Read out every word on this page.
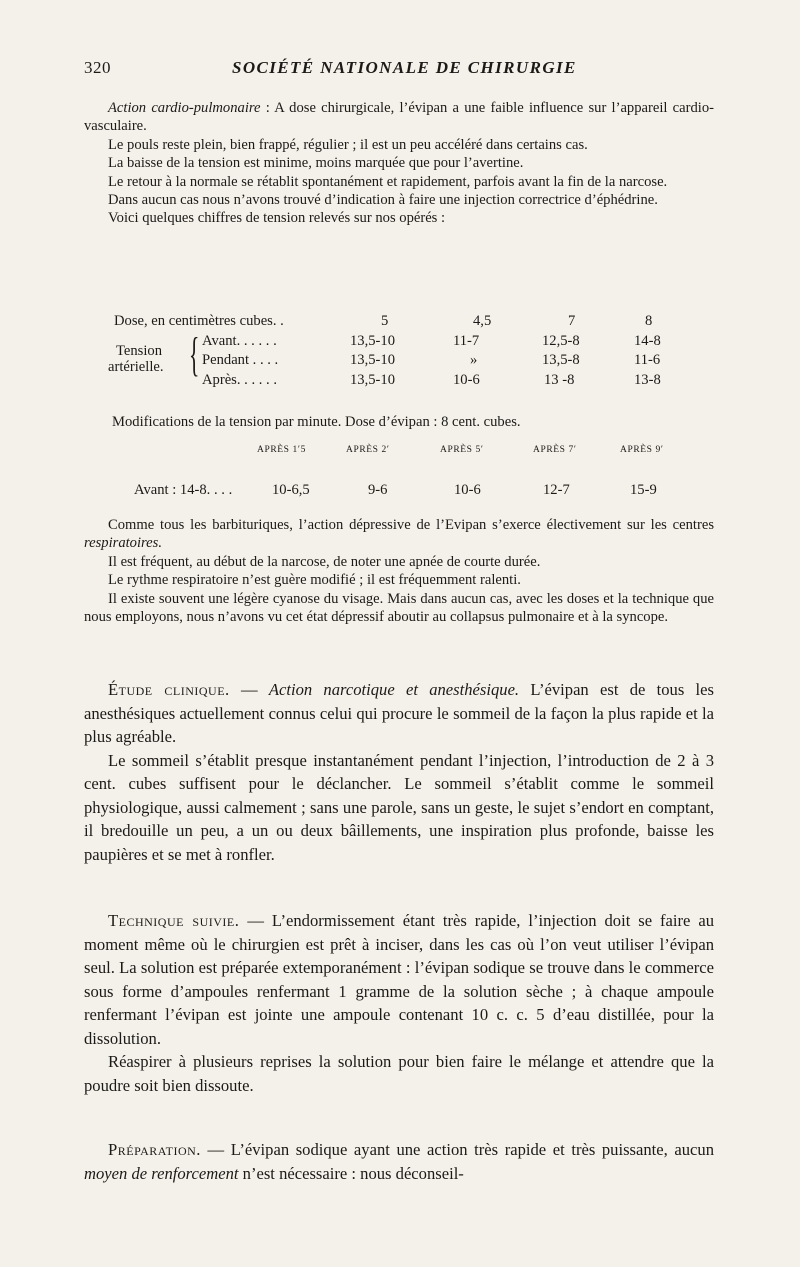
320	SOCIÉTÉ NATIONALE DE CHIRURGIE

Action cardio-pulmonaire : A dose chirurgicale, l’évipan a une faible influence sur l’appareil cardio-vasculaire.

Le pouls reste plein, bien frappé, régulier ; il est un peu accéléré dans certains cas.

La baisse de la tension est minime, moins marquée que pour l’avertine.

Le retour à la normale se rétablit spontanément et rapidement, parfois avant la fin de la narcose.

Dans aucun cas nous n’avons trouvé d’indication à faire une injection correctrice d’éphédrine.

Voici quelques chiffres de tension relevés sur nos opérés :

Dose, en centimètres cubes. .	5	4,5	7	8
Tension
artérielle. { Avant. . . . . .	13,5-10	11-7	12,5-8	14-8
Pendant . . . .	13,5-10	»	13,5-8	11-6
Après. . . . . .	13,5-10	10-6	13 -8	13-8
Modifications de la tension par minute. Dose d’évipan : 8 cent. cubes.
APRÈS 1′5	APRÈS 2′	APRÈS 5′	APRÈS 7′	APRÈS 9′
Avant : 14-8. . . .	10-6,5	9-6	10-6	12-7	15-9

Comme tous les barbituriques, l’action dépressive de l’Evipan s’exerce électivement sur les centres respiratoires.

Il est fréquent, au début de la narcose, de noter une apnée de courte durée.

Le rythme respiratoire n’est guère modifié ; il est fréquemment ralenti.

Il existe souvent une légère cyanose du visage. Mais dans aucun cas, avec les doses et la technique que nous employons, nous n’avons vu cet état dépressif aboutir au collapsus pulmonaire et à la syncope.

Étude clinique. — Action narcotique et anesthésique. L’évipan est de tous les anesthésiques actuellement connus celui qui procure le sommeil de la façon la plus rapide et la plus agréable.

Le sommeil s’établit presque instantanément pendant l’injection, l’introduction de 2 à 3 cent. cubes suffisent pour le déclancher. Le sommeil s’établit comme le sommeil physiologique, aussi calmement ; sans une parole, sans un geste, le sujet s’endort en comptant, il bredouille un peu, a un ou deux bâillements, une inspiration plus profonde, baisse les paupières et se met à ronfler.

Technique suivie. — L’endormissement étant très rapide, l’injection doit se faire au moment même où le chirurgien est prêt à inciser, dans les cas où l’on veut utiliser l’évipan seul. La solution est préparée extemporanément : l’évipan sodique se trouve dans le commerce sous forme d’ampoules renfermant 1 gramme de la solution sèche ; à chaque ampoule renfermant l’évipan est jointe une ampoule contenant 10 c. c. 5 d’eau distillée, pour la dissolution.

Réaspirer à plusieurs reprises la solution pour bien faire le mélange et attendre que la poudre soit bien dissoute.

Préparation. — L’évipan sodique ayant une action très rapide et très puissante, aucun moyen de renforcement n’est nécessaire : nous déconseil-
